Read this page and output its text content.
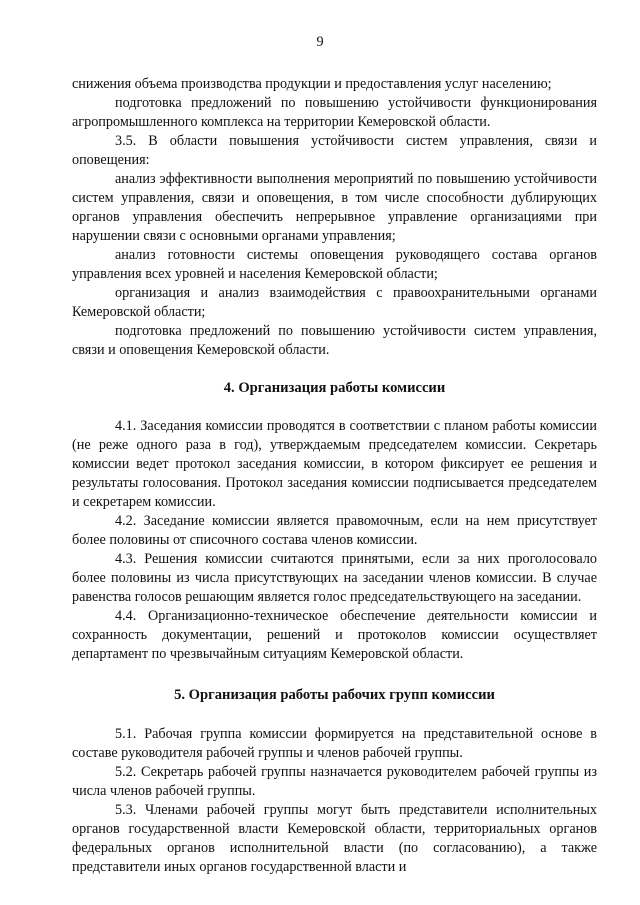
9

снижения объема производства продукции и предоставления услуг населению;

подготовка предложений по повышению устойчивости функционирования агропромышленного комплекса на территории Кемеровской области.

3.5. В области повышения устойчивости систем управления, связи и оповещения:

анализ эффективности выполнения мероприятий по повышению устойчивости систем управления, связи и оповещения, в том числе способности дублирующих органов управления обеспечить непрерывное управление организациями при нарушении связи с основными органами управления;

анализ готовности системы оповещения руководящего состава органов управления всех уровней и населения Кемеровской области;

организация и анализ взаимодействия с правоохранительными органами Кемеровской области;

подготовка предложений по повышению устойчивости систем управления, связи и оповещения Кемеровской области.

4. Организация работы комиссии

4.1. Заседания комиссии проводятся в соответствии с планом работы комиссии (не реже одного раза в год), утверждаемым председателем комиссии. Секретарь комиссии ведет протокол заседания комиссии, в котором фиксирует ее решения и результаты голосования. Протокол заседания комиссии подписывается председателем и секретарем комиссии.

4.2. Заседание комиссии является правомочным, если на нем присутствует более половины от списочного состава членов комиссии.

4.3. Решения комиссии считаются принятыми, если за них проголосовало более половины из числа присутствующих на заседании членов комиссии. В случае равенства голосов решающим является голос председательствующего на заседании.

4.4. Организационно-техническое обеспечение деятельности комиссии и сохранность документации, решений и протоколов комиссии осуществляет департамент по чрезвычайным ситуациям Кемеровской области.

5. Организация работы рабочих групп комиссии

5.1. Рабочая группа комиссии формируется на представительной основе в составе руководителя рабочей группы и членов рабочей группы.

5.2. Секретарь рабочей группы назначается руководителем рабочей группы из числа членов рабочей группы.

5.3. Членами рабочей группы могут быть представители исполнительных органов государственной власти Кемеровской области, территориальных органов федеральных органов исполнительной власти (по согласованию), а также представители иных органов государственной власти и
